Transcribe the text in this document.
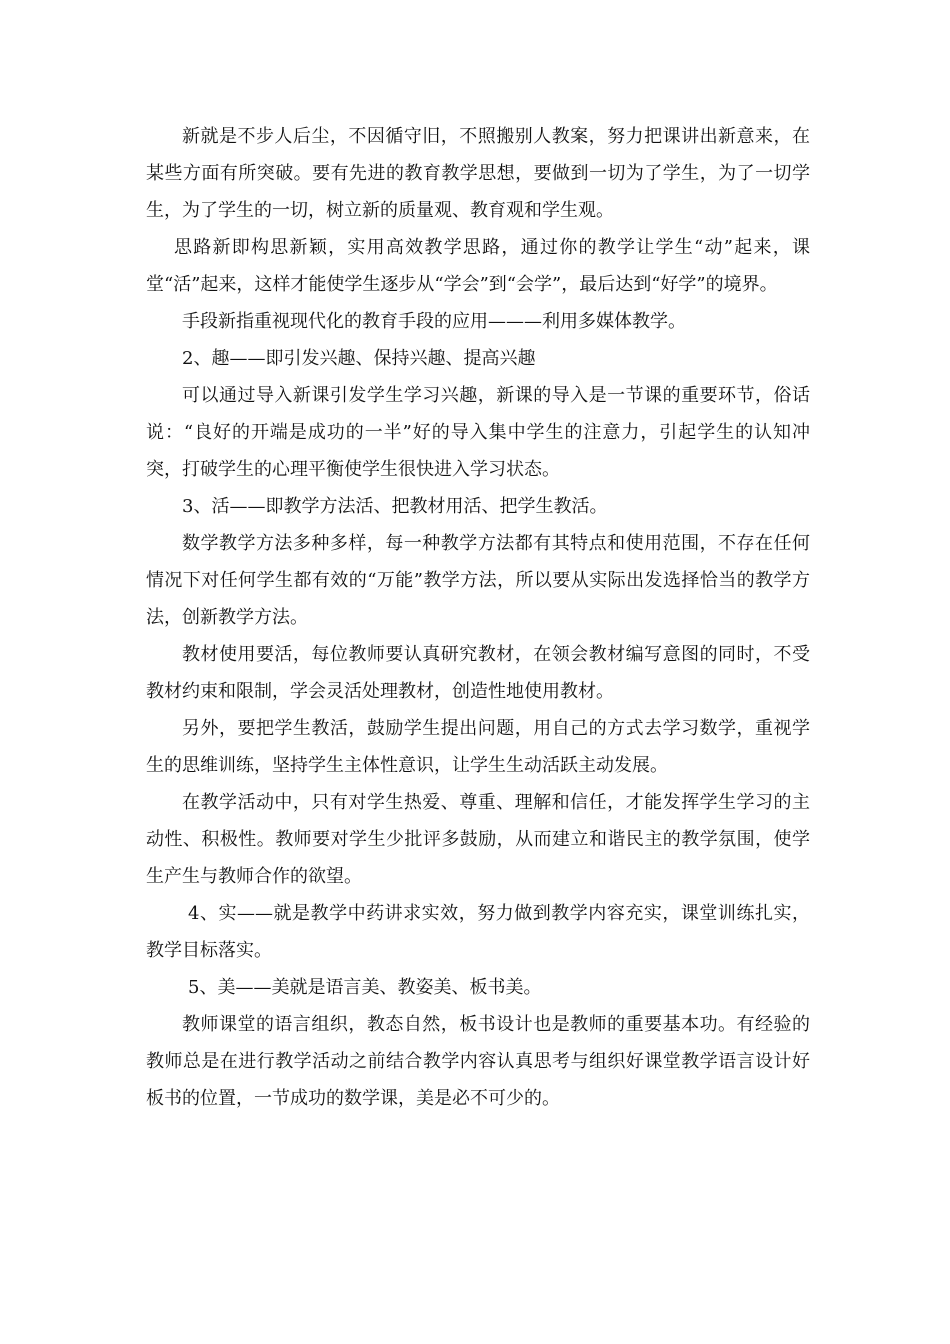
新就是不步人后尘，不因循守旧，不照搬别人教案，努力把课讲出新意来，在某些方面有所突破。要有先进的教育教学思想，要做到一切为了学生，为了一切学生，为了学生的一切，树立新的质量观、教育观和学生观。

思路新即构思新颖，实用高效教学思路，通过你的教学让学生“动”起来，课堂“活”起来，这样才能使学生逐步从“学会”到“会学”，最后达到“好学”的境界。

手段新指重视现代化的教育手段的应用———利用多媒体教学。

2、趣——即引发兴趣、保持兴趣、提高兴趣

可以通过导入新课引发学生学习兴趣，新课的导入是一节课的重要环节，俗话说：“良好的开端是成功的一半”好的导入集中学生的注意力，引起学生的认知冲突，打破学生的心理平衡使学生很快进入学习状态。

3、活——即教学方法活、把教材用活、把学生教活。

数学教学方法多种多样，每一种教学方法都有其特点和使用范围，不存在任何情况下对任何学生都有效的“万能”教学方法，所以要从实际出发选择恰当的教学方法，创新教学方法。

教材使用要活，每位教师要认真研究教材，在领会教材编写意图的同时，不受教材约束和限制，学会灵活处理教材，创造性地使用教材。

另外，要把学生教活，鼓励学生提出问题，用自己的方式去学习数学，重视学生的思维训练，坚持学生主体性意识，让学生生动活跃主动发展。

在教学活动中，只有对学生热爱、尊重、理解和信任，才能发挥学生学习的主动性、积极性。教师要对学生少批评多鼓励，从而建立和谐民主的教学氛围，使学生产生与教师合作的欲望。

4、实——就是教学中药讲求实效，努力做到教学内容充实，课堂训练扎实，教学目标落实。

5、美——美就是语言美、教姿美、板书美。

教师课堂的语言组织，教态自然，板书设计也是教师的重要基本功。有经验的教师总是在进行教学活动之前结合教学内容认真思考与组织好课堂教学语言设计好板书的位置，一节成功的数学课，美是必不可少的。
